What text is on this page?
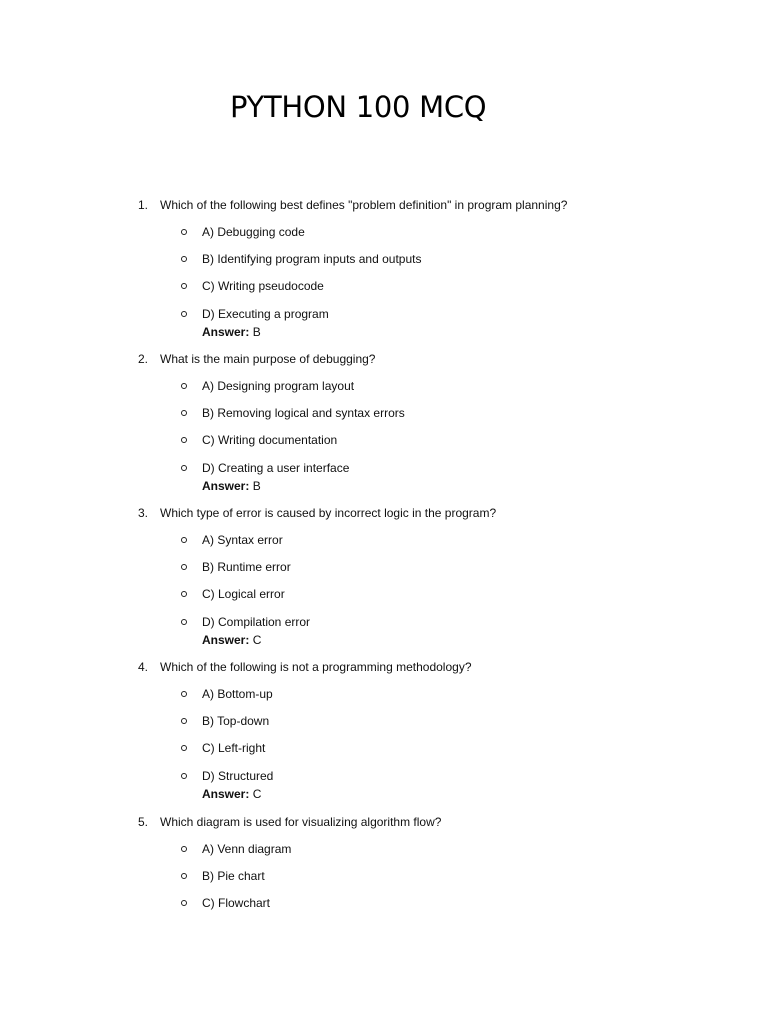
PYTHON 100 MCQ
1. Which of the following best defines "problem definition" in program planning?
A) Debugging code
B) Identifying program inputs and outputs
C) Writing pseudocode
D) Executing a program
Answer: B
2. What is the main purpose of debugging?
A) Designing program layout
B) Removing logical and syntax errors
C) Writing documentation
D) Creating a user interface
Answer: B
3. Which type of error is caused by incorrect logic in the program?
A) Syntax error
B) Runtime error
C) Logical error
D) Compilation error
Answer: C
4. Which of the following is not a programming methodology?
A) Bottom-up
B) Top-down
C) Left-right
D) Structured
Answer: C
5. Which diagram is used for visualizing algorithm flow?
A) Venn diagram
B) Pie chart
C) Flowchart
